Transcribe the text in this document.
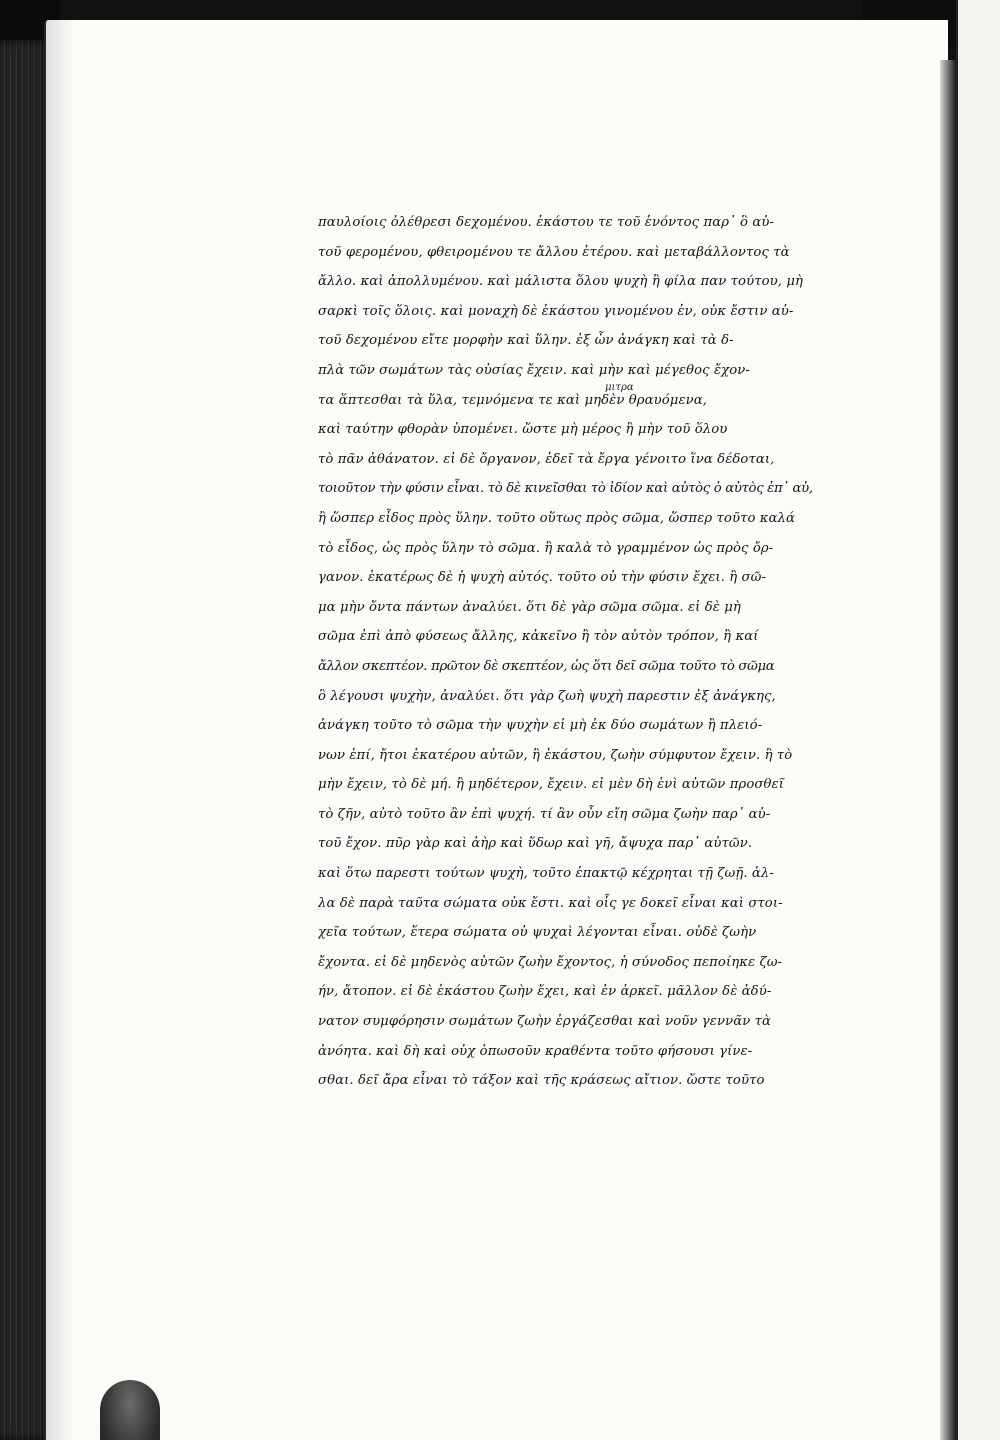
μιτρα
παυλοίοις ὀλέθρεσι δεχομένου. ἑκάστου τε τοῦ ἑνόντος παρ᾽ ὃ αὐ-
τοῦ φερομένου, φθειρομένου τε ἄλλου ἑτέρου. καὶ μεταβάλλοντος τὰ
ἄλλο. καὶ ἀπολλυμένου. καὶ μάλιστα ὅλου ψυχὴ ἢ φίλα παν τούτου, μὴ
σαρκὶ τοῖς ὅλοις. καὶ μοναχὴ δὲ ἑκάστου γινομένου ἐν, οὐκ ἔστιν αὐ-
τοῦ δεχομένου εἴτε μορφὴν καὶ ὕλην. ἐξ ὧν ἀνάγκη καὶ τὰ δ-
πλὰ τῶν σωμάτων τὰς οὐσίας ἔχειν. καὶ μὴν καὶ μέγεθος ἔχον-
τα ἅπτεσθαι τὰ ὕλα, τεμνόμενα τε καὶ μηδὲν θραυόμενα,
καὶ ταύτην φθορὰν ὑπομένει. ὥστε μὴ μέρος ἢ μὴν τοῦ ὅλου
τὸ πᾶν ἀθάνατον. εἰ δὲ ὄργανον, ἐδεῖ τὰ ἔργα γένοιτο ἵνα δέδοται,
τοιοῦτον τὴν φύσιν εἶναι. τὸ δὲ κινεῖσθαι τὸ ἰδίον καὶ αὐτὸς ὁ αὐτὸς ἐπ᾽ αὐ,
ἢ ὥσπερ εἶδος πρὸς ὕλην. τοῦτο οὕτως πρὸς σῶμα, ὥσπερ τοῦτο καλά
τὸ εἶδος, ὡς πρὸς ὕλην τὸ σῶμα. ἢ καλὰ τὸ γραμμένον ὡς πρὸς ὄρ-
γανον. ἑκατέρως δὲ ἡ ψυχὴ αὐτός. τοῦτο οὐ τὴν φύσιν ἔχει. ἢ σῶ-
μα μὴν ὄντα πάντων ἀναλύει. ὅτι δὲ γὰρ σῶμα σῶμα. εἰ δὲ μὴ
σῶμα ἐπὶ ἀπὸ φύσεως ἄλλης, κἀκεῖνο ἢ τὸν αὐτὸν τρόπον, ἢ καί
ἄλλον σκεπτέον. πρῶτον δὲ σκεπτέον, ὡς ὅτι δεῖ σῶμα τοῦτο τὸ σῶμα
ὃ λέγουσι ψυχὴν, ἀναλύει. ὅτι γὰρ ζωὴ ψυχὴ παρεστιν ἐξ ἀνάγκης,
ἀνάγκη τοῦτο τὸ σῶμα τὴν ψυχὴν εἰ μὴ ἐκ δύο σωμάτων ἢ πλειό-
νων ἐπί, ἤτοι ἑκατέρου αὐτῶν, ἢ ἑκάστου, ζωὴν σύμφυτον ἔχειν. ἢ τὸ
μὴν ἔχειν, τὸ δὲ μή. ἢ μηδέτερον, ἔχειν. εἰ μὲν δὴ ἑνὶ αὐτῶν προσθεῖ
τὸ ζῆν, αὐτὸ τοῦτο ἂν ἐπὶ ψυχή. τί ἂν οὖν εἴη σῶμα ζωὴν παρ᾽ αὐ-
τοῦ ἔχον. πῦρ γὰρ καὶ ἀὴρ καὶ ὕδωρ καὶ γῆ, ἄψυχα παρ᾽ αὐτῶν.
καὶ ὅτω παρεστι τούτων ψυχὴ, τοῦτο ἐπακτῷ κέχρηται τῇ ζωῇ. ἀλ-
λα δὲ παρὰ ταῦτα σώματα οὐκ ἔστι. καὶ οἷς γε δοκεῖ εἶναι καὶ στοι-
χεῖα τούτων, ἕτερα σώματα οὐ ψυχαὶ λέγονται εἶναι. οὐδὲ ζωὴν
ἔχοντα. εἰ δὲ μηδενὸς αὐτῶν ζωὴν ἔχοντος, ἡ σύνοδος πεποίηκε ζω-
ήν, ἄτοπον. εἰ δὲ ἑκάστου ζωὴν ἔχει, καὶ ἐν ἀρκεῖ. μᾶλλον δὲ ἀδύ-
νατον συμφόρησιν σωμάτων ζωὴν ἐργάζεσθαι καὶ νοῦν γεννᾶν τὰ
ἀνόητα. καὶ δὴ καὶ οὐχ ὁπωσοῦν κραθέντα τοῦτο φήσουσι γίνε-
σθαι. δεῖ ἄρα εἶναι τὸ τάξον καὶ τῆς κράσεως αἴτιον. ὥστε τοῦτο
